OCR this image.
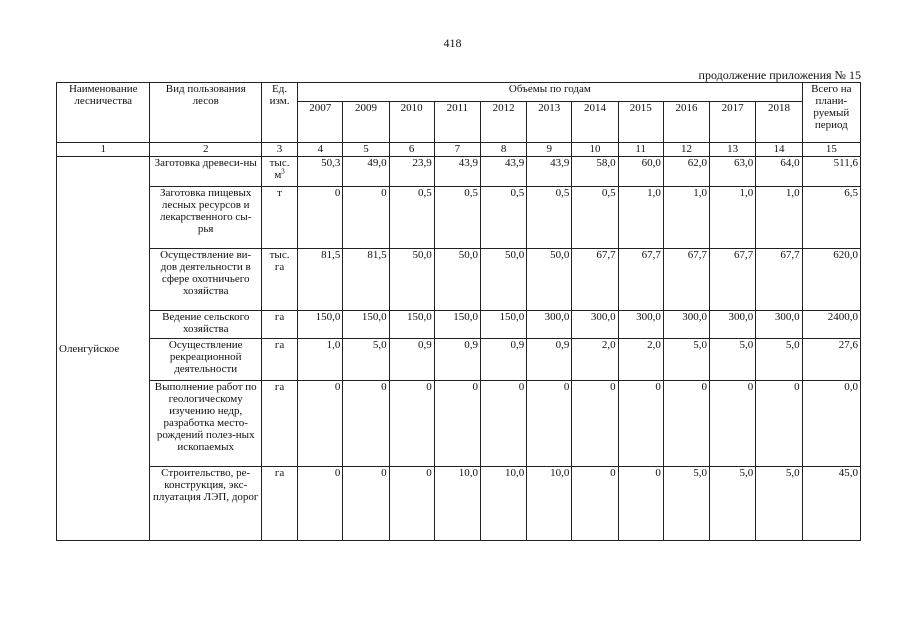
418
продолжение приложения № 15
Наименование лесничества	Вид пользования лесов	Ед. изм.	Объемы по годам											Всего на плани-руемый период
			2007	2009	2010	2011	2012	2013	2014	2015	2016	2017	2018	
1	2	3	4	5	6	7	8	9	10	11	12	13	14	15
Оленгуйское	Заготовка древеси-ны	тыс. $м^3$	50,3	49,0	23,9	43,9	43,9	43,9	58,0	60,0	62,0	63,0	64,0	511,6
	Заготовка пищевых лесных ресурсов и лекарственного сы-рья	т	0	0	0,5	0,5	0,5	0,5	0,5	1,0	1,0	1,0	1,0	6,5
	Осуществление ви-дов деятельности в сфере охотничьего хозяйства	тыс. га	81,5	81,5	50,0	50,0	50,0	50,0	67,7	67,7	67,7	67,7	67,7	620,0
	Ведение сельского хозяйства	га	150,0	150,0	150,0	150,0	150,0	300,0	300,0	300,0	300,0	300,0	300,0	2400,0
	Осуществление рекреационной деятельности	га	1,0	5,0	0,9	0,9	0,9	0,9	2,0	2,0	5,0	5,0	5,0	27,6
	Выполнение работ по геологическому изучению недр, разработка место-рождений полез-ных ископаемых	га	0	0	0	0	0	0	0	0	0	0	0	0,0
	Строительство, ре-конструкция, экс-плуатация ЛЭП, дорог	га	0	0	0	10,0	10,0	10,0	0	0	5,0	5,0	5,0	45,0
